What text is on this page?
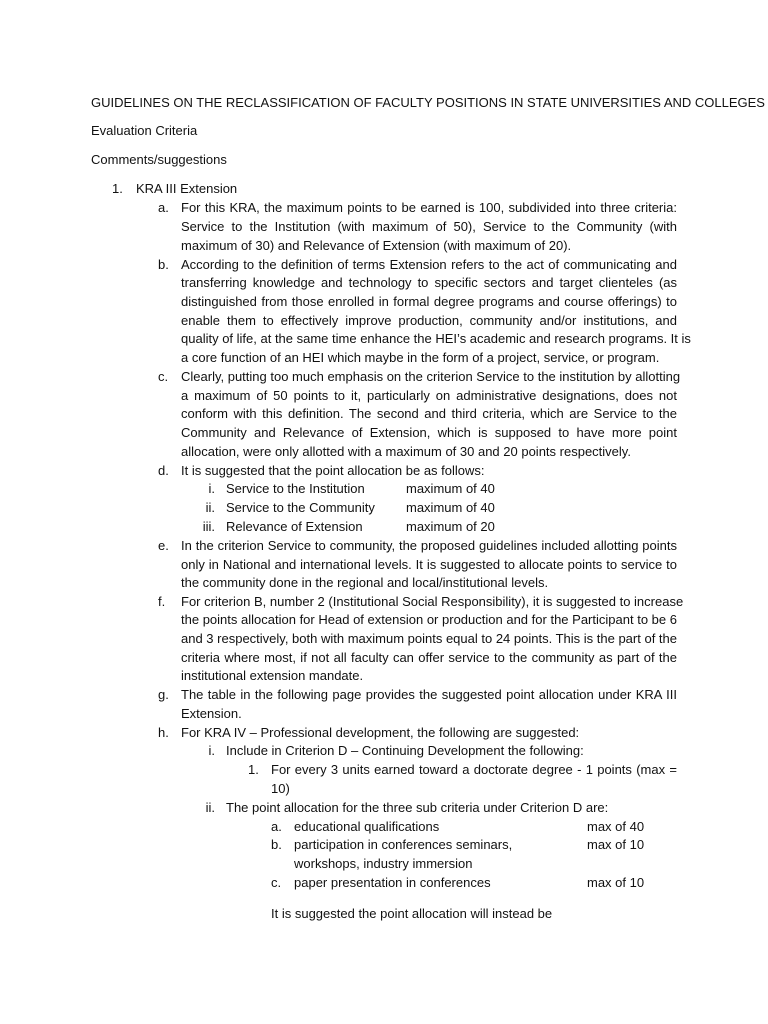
GUIDELINES ON THE RECLASSIFICATION OF FACULTY POSITIONS IN STATE UNIVERSITIES AND COLLEGES
Evaluation Criteria
Comments/suggestions
1. KRA III Extension
a. For this KRA, the maximum points to be earned is 100, subdivided into three criteria:
Service to the Institution (with maximum of 50), Service to the Community (with
maximum of 30) and Relevance of Extension (with maximum of 20).
b. According to the definition of terms Extension refers to the act of communicating and
transferring knowledge and technology to specific sectors and target clienteles (as
distinguished from those enrolled in formal degree programs and course offerings) to
enable them to effectively improve production, community and/or institutions, and
quality of life, at the same time enhance the HEI’s academic and research programs. It is
a core function of an HEI which maybe in the form of a project, service, or program.
c. Clearly, putting too much emphasis on the criterion Service to the institution by allotting
a maximum of 50 points to it, particularly on administrative designations, does not
conform with this definition. The second and third criteria, which are Service to the
Community and Relevance of Extension, which is supposed to have more point
allocation, were only allotted with a maximum of 30 and 20 points respectively.
d. It is suggested that the point allocation be as follows:
i. Service to the Institution	maximum of 40
ii. Service to the Community maximum of 40
iii. Relevance of Extension	maximum of 20
e. In the criterion Service to community, the proposed guidelines included allotting points
only in National and international levels. It is suggested to allocate points to service to
the community done in the regional and local/institutional levels.
f. For criterion B, number 2 (Institutional Social Responsibility), it is suggested to increase
the points allocation for Head of extension or production and for the Participant to be 6
and 3 respectively, both with maximum points equal to 24 points. This is the part of the
criteria where most, if not all faculty can offer service to the community as part of the
institutional extension mandate.
g. The table in the following page provides the suggested point allocation under KRA III
Extension.
h. For KRA IV – Professional development, the following are suggested:
i. Include in Criterion D – Continuing Development the following:
1. For every 3 units earned toward a doctorate degree - 1 points (max =
10)
ii. The point allocation for the three sub criteria under Criterion D are:
a. educational qualifications	max of 40
b. participation in conferences seminars,	max of 10
workshops, industry immersion
c. paper presentation in conferences	max of 10
It is suggested the point allocation will instead be
